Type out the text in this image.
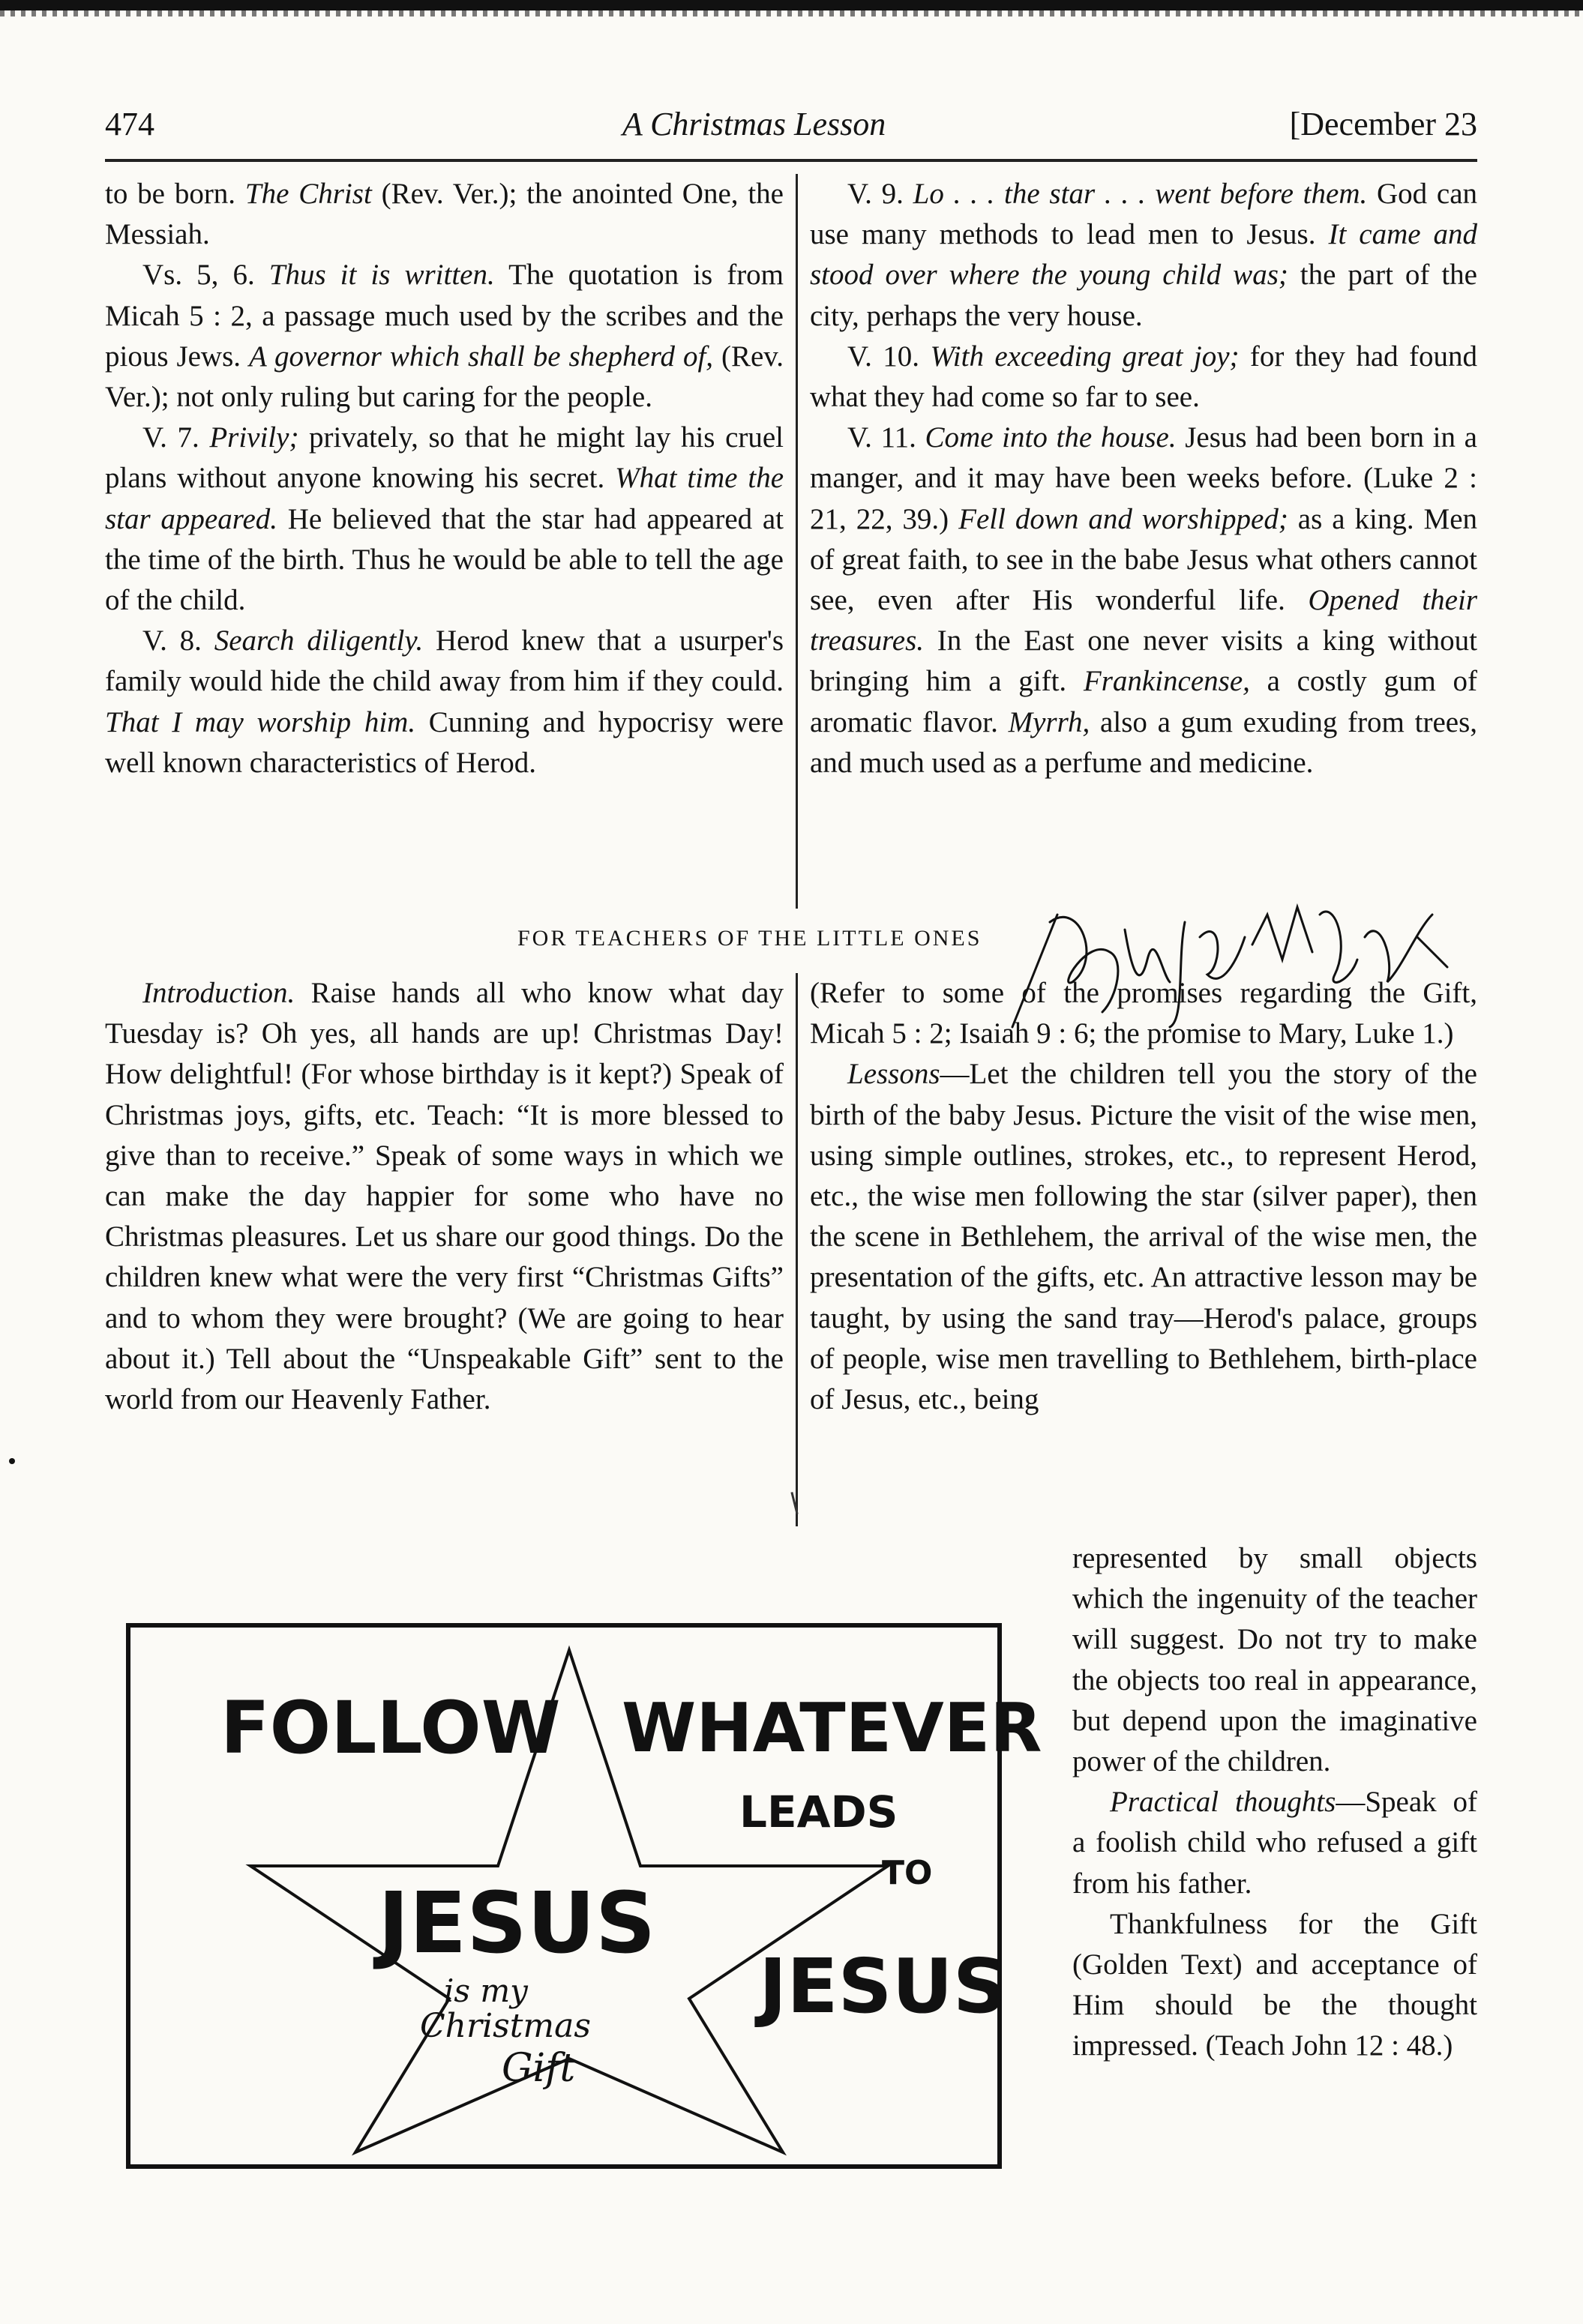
474	A Christmas Lesson	[December 23

to be born. The Christ (Rev. Ver.); the anointed One, the Messiah.

Vs. 5, 6. Thus it is written. The quotation is from Micah 5 : 2, a passage much used by the scribes and the pious Jews. A governor which shall be shepherd of, (Rev. Ver.); not only ruling but caring for the people.

V. 7. Privily; privately, so that he might lay his cruel plans without anyone knowing his secret. What time the star appeared. He believed that the star had appeared at the time of the birth. Thus he would be able to tell the age of the child.

V. 8. Search diligently. Herod knew that a usurper's family would hide the child away from him if they could. That I may worship him. Cunning and hypocrisy were well known characteristics of Herod.

V. 9. Lo . . . the star . . . went before them. God can use many methods to lead men to Jesus. It came and stood over where the young child was; the part of the city, perhaps the very house.

V. 10. With exceeding great joy; for they had found what they had come so far to see.

V. 11. Come into the house. Jesus had been born in a manger, and it may have been weeks before. (Luke 2 : 21, 22, 39.) Fell down and worshipped; as a king. Men of great faith, to see in the babe Jesus what others cannot see, even after His wonderful life. Opened their treasures. In the East one never visits a king without bringing him a gift. Frankincense, a costly gum of aromatic flavor. Myrrh, also a gum exuding from trees, and much used as a perfume and medicine.

FOR TEACHERS OF THE LITTLE ONES

Introduction. Raise hands all who know what day Tuesday is? Oh yes, all hands are up! Christmas Day! How delightful! (For whose birthday is it kept?) Speak of Christmas joys, gifts, etc. Teach: “It is more blessed to give than to receive.” Speak of some ways in which we can make the day happier for some who have no Christmas pleasures. Let us share our good things. Do the children knew what were the very first “Christmas Gifts” and to whom they were brought? (We are going to hear about it.) Tell about the “Unspeakable Gift” sent to the world from our Heavenly Father.

(Refer to some of the promises regarding the Gift, Micah 5 : 2; Isaiah 9 : 6; the promise to Mary, Luke 1.)

Lessons—Let the children tell you the story of the birth of the baby Jesus. Picture the visit of the wise men, using simple outlines, strokes, etc., to represent Herod, etc., the wise men following the star (silver paper), then the scene in Bethlehem, the arrival of the wise men, the presentation of the gifts, etc. An attractive lesson may be taught, by using the sand tray—Herod's palace, groups of people, wise men travelling to Bethlehem, birth-place of Jesus, etc., being

represented by small objects which the ingenuity of the teacher will suggest. Do not try to make the objects too real in appearance, but depend upon the imaginative power of the children.

Practical thoughts—Speak of a foolish child who refused a gift from his father.

Thankfulness for the Gift (Golden Text) and acceptance of Him should be the thought impressed. (Teach John 12 : 48.)

FOLLOW WHATEVER
LEADS
TO
JESUS
is my
Christmas
Gift
JESUS
